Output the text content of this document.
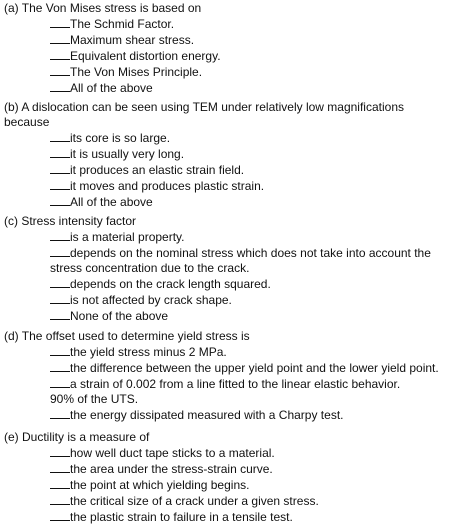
(a) The Von Mises stress is based on
The Schmid Factor.
Maximum shear stress.
Equivalent distortion energy.
The Von Mises Principle.
All of the above
(b) A dislocation can be seen using TEM under relatively low magnifications
because
its core is so large.
it is usually very long.
it produces an elastic strain field.
it moves and produces plastic strain.
All of the above
(c) Stress intensity factor
is a material property.
depends on the nominal stress which does not take into account the
stress concentration due to the crack.
depends on the crack length squared.
is not affected by crack shape.
None of the above
(d) The offset used to determine yield stress is
the yield stress minus 2 MPa.
the difference between the upper yield point and the lower yield point.
a strain of 0.002 from a line fitted to the linear elastic behavior.
90% of the UTS.
the energy dissipated measured with a Charpy test.
(e) Ductility is a measure of
how well duct tape sticks to a material.
the area under the stress-strain curve.
the point at which yielding begins.
the critical size of a crack under a given stress.
the plastic strain to failure in a tensile test.
